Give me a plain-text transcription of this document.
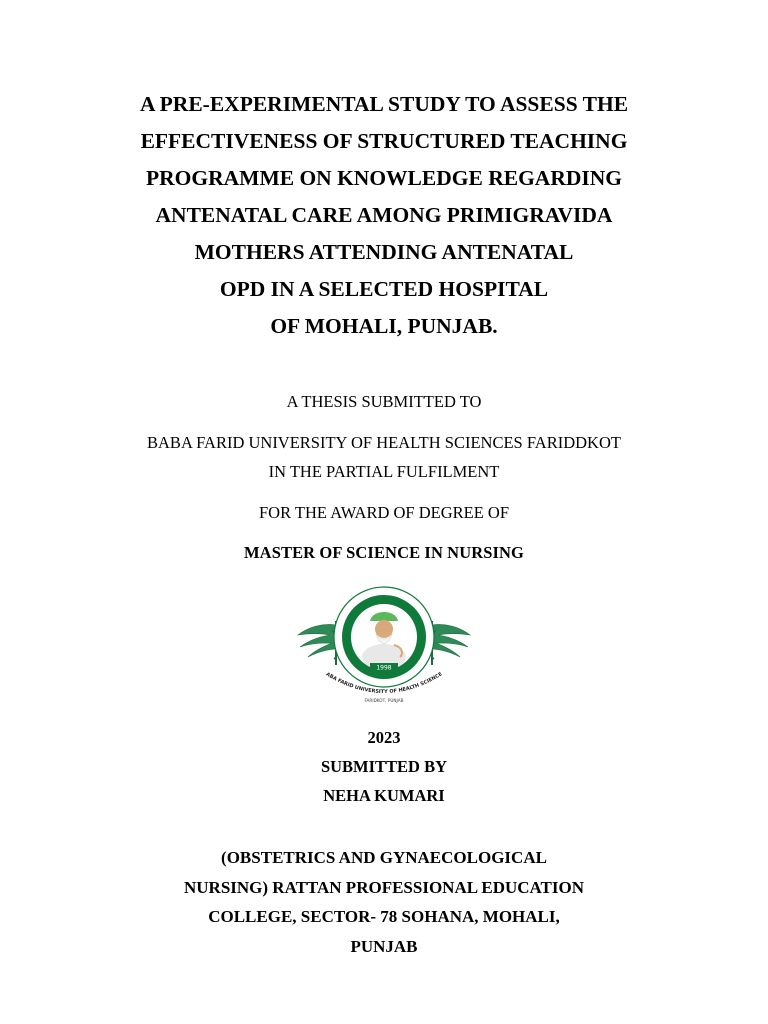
A PRE-EXPERIMENTAL STUDY TO ASSESS THE
EFFECTIVENESS OF STRUCTURED TEACHING
PROGRAMME ON KNOWLEDGE REGARDING
ANTENATAL CARE AMONG PRIMIGRAVIDA
MOTHERS ATTENDING ANTENATAL
OPD IN A SELECTED HOSPITAL
OF MOHALI, PUNJAB.
A THESIS SUBMITTED TO
BABA FARID UNIVERSITY OF HEALTH SCIENCES FARIDDKOT
IN THE PARTIAL FULFILMENT
FOR THE AWARD OF DEGREE OF
MASTER OF SCIENCE IN NURSING
1998
ABA FARID UNIVERSITY OF HEALTH SCIENCE
FARIDKOT, PUNJAB
2023
SUBMITTED BY
NEHA KUMARI
(OBSTETRICS AND GYNAECOLOGICAL
NURSING) RATTAN PROFESSIONAL EDUCATION
COLLEGE, SECTOR- 78 SOHANA, MOHALI,
PUNJAB
